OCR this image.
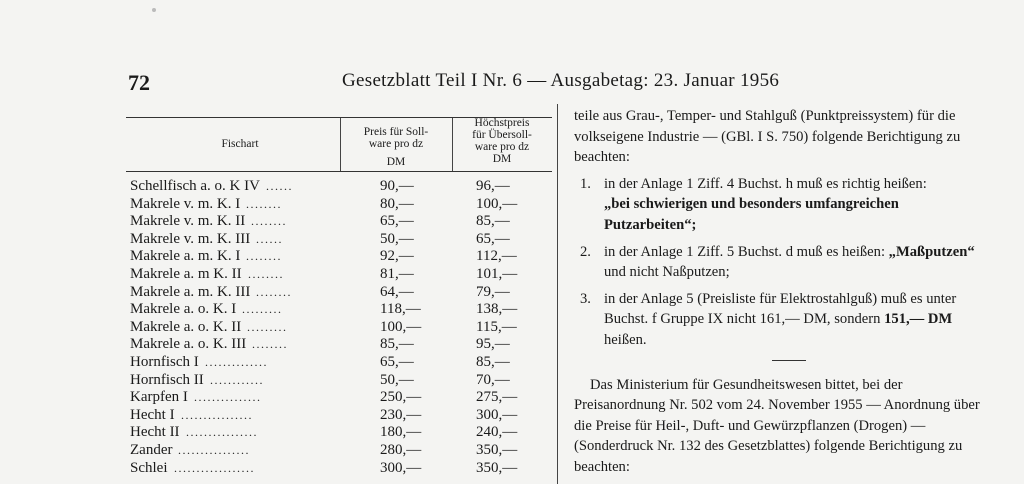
72	Gesetzblatt Teil I Nr. 6 — Ausgabetag: 23. Januar 1956
Fischart
Preis für Soll-
ware pro dz
DM
Höchstpreis
für Übersoll-
ware pro dz
DM
Schellfisch a. o. K IV ......	90,—	96,—
Makrele v. m. K. I ........	80,—	100,—
Makrele v. m. K. II ........	65,—	85,—
Makrele v. m. K. III ......	50,—	65,—
Makrele a. m. K. I ........	92,—	112,—
Makrele a. m K. II ........	81,—	101,—
Makrele a. m. K. III ........	64,—	79,—
Makrele a. o. K. I .........	118,—	138,—
Makrele a. o. K. II .........	100,—	115,—
Makrele a. o. K. III ........	85,—	95,—
Hornfisch I ..............	65,—	85,—
Hornfisch II ............	50,—	70,—
Karpfen I ...............	250,—	275,—
Hecht I ................	230,—	300,—
Hecht II ................	180,—	240,—
Zander ................	280,—	350,—
Schlei ..................	300,—	350,—

teile aus Grau-, Temper- und Stahlguß (Punktpreissystem) für die volkseigene Industrie — (GBl. I S. 750) folgende Berichtigung zu beachten:

1. in der Anlage 1 Ziff. 4 Buchst. h muß es richtig heißen:
„bei schwierigen und besonders umfangreichen Putzarbeiten“;
2. in der Anlage 1 Ziff. 5 Buchst. d muß es heißen: „Maßputzen“ und nicht Naßputzen;
3. in der Anlage 5 (Preisliste für Elektrostahlguß) muß es unter Buchst. f Gruppe IX nicht 161,— DM, sondern 151,— DM heißen.

Das Ministerium für Gesundheitswesen bittet, bei der Preisanordnung Nr. 502 vom 24. November 1955 — Anordnung über die Preise für Heil-, Duft- und Gewürzpflanzen (Drogen) — (Sonderdruck Nr. 132 des Gesetzblattes) folgende Berichtigung zu beachten:
